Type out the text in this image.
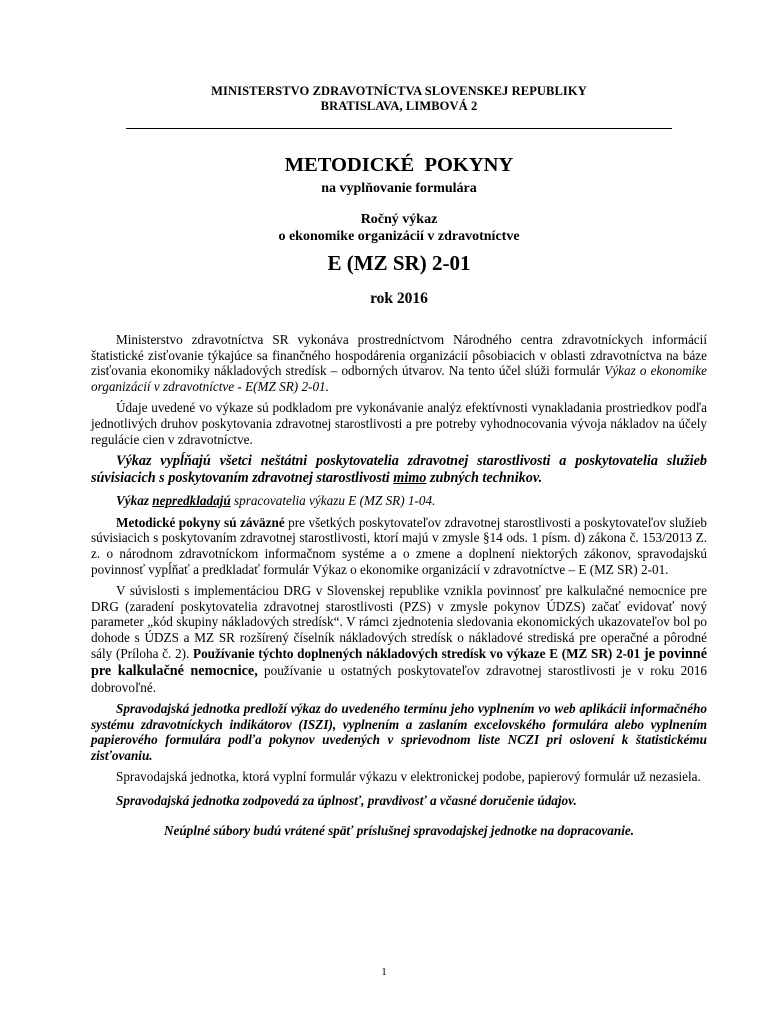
MINISTERSTVO ZDRAVOTNÍCTVA SLOVENSKEJ REPUBLIKY
BRATISLAVA, LIMBOVÁ 2
METODICKÉ  POKYNY
na vyplňovanie formulára
Ročný výkaz
o ekonomike organizácií v zdravotníctve
E (MZ SR) 2-01
rok 2016

Ministerstvo zdravotníctva SR vykonáva prostredníctvom Národného centra zdravotníckych informácií štatistické zisťovanie týkajúce sa finančného hospodárenia organizácií pôsobiacich v oblasti zdravotníctva na báze zisťovania ekonomiky nákladových stredísk – odborných útvarov. Na tento účel slúži formulár Výkaz o ekonomike organizácií v zdravotníctve - E(MZ SR) 2-01.

Údaje uvedené vo výkaze sú podkladom pre vykonávanie analýz efektívnosti vynakladania prostriedkov podľa jednotlivých druhov poskytovania zdravotnej starostlivosti a pre potreby vyhodnocovania vývoja nákladov na účely regulácie cien v zdravotníctve.

Výkaz vypĺňajú všetci neštátni poskytovatelia zdravotnej starostlivosti a poskytovatelia služieb súvisiacich s poskytovaním zdravotnej starostlivosti mimo zubných technikov.

Výkaz nepredkladajú spracovatelia výkazu E (MZ SR) 1-04.

Metodické pokyny sú záväzné pre všetkých poskytovateľov zdravotnej starostlivosti a poskytovateľov služieb súvisiacich s poskytovaním zdravotnej starostlivosti, ktorí majú v zmysle §14 ods. 1 písm. d) zákona č. 153/2013 Z. z. o národnom zdravotníckom informačnom systéme a o zmene a doplnení niektorých zákonov, spravodajskú povinnosť vypĺňať a predkladať formulár Výkaz o ekonomike organizácií v zdravotníctve – E (MZ SR) 2-01.

V súvislosti s implementáciou DRG v Slovenskej republike vznikla povinnosť pre kalkulačné nemocnice pre DRG (zaradení poskytovatelia zdravotnej starostlivosti (PZS) v zmysle pokynov ÚDZS) začať evidovať nový parameter „kód skupiny nákladových stredísk“. V rámci zjednotenia sledovania ekonomických ukazovateľov bol po dohode s ÚDZS a MZ SR rozšírený číselník nákladových stredísk o nákladové strediská pre operačné a pôrodné sály (Príloha č. 2). Používanie týchto doplnených nákladových stredísk vo výkaze E (MZ SR) 2-01 je povinné pre kalkulačné nemocnice, používanie u ostatných poskytovateľov zdravotnej starostlivosti je v roku 2016 dobrovoľné.

Spravodajská jednotka predloží výkaz do uvedeného termínu jeho vyplnením vo web aplikácii informačného systému zdravotníckych indikátorov (ISZI), vyplnením a zaslaním excelovského formulára alebo vyplnením papierového formulára podľa pokynov uvedených v sprievodnom liste NCZI pri oslovení k štatistickému zisťovaniu.

Spravodajská jednotka, ktorá vyplní formulár výkazu v elektronickej podobe, papierový formulár už nezasiela.

Spravodajská jednotka zodpovedá za úplnosť, pravdivosť a včasné doručenie údajov.

Neúplné súbory budú vrátené späť príslušnej spravodajskej jednotke na dopracovanie.

1
